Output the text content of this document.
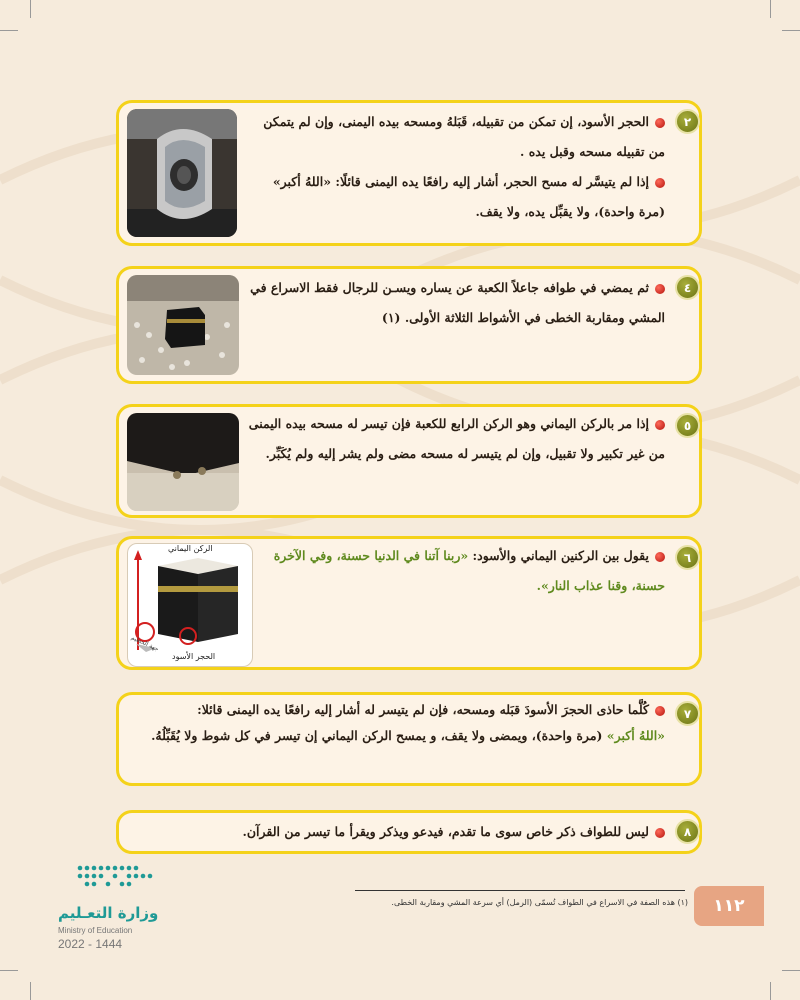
٢
الحجر الأسود، إن تمكن من تقبيله، قَبَلهُ ومسحه بيده اليمنى، وإن لم يتمكن من تقبيله مسحه وقبل يده .
إذا لم يتيسَّر له مسح الحجر، أشار إليه رافعًا يده اليمنى قائلًا: «اللهُ أكبر» (مرة واحدة)، ولا يقبِّل يده، ولا يقف.
٤
ثم يمضي في طوافه جاعلاً الكعبة عن يساره ويسـن للرجال فقط الاسراع في المشي ومقاربة الخطى في الأشواط الثلاثة الأولى. (١)
٥
إذا مر بالركن اليماني وهو الركن الرابع للكعبة فإن تيسر له مسحه بيده اليمنى من غير تكبير ولا تقبيل، وإن لم يتيسر له مسحه مضى ولم يشر إليه ولم يُكَبِّر.
٦
يقول بين الركنين اليماني والأسود: «ربنا آتنا في الدنيا حسنة، وفي الآخرة حسنة، وقنا عذاب النار».
الركن اليماني
الحجر الأسود
جهة الحطيم
٧
كُلَّما حاذى الحجرَ الأسودَ قبَله ومسحه، فإن لم يتيسر له أشار إليه رافعًا يده اليمنى قائلا:
«اللهُ أكبر» (مرة واحدة)، ويمضى ولا يقف، و يمسح الركن اليماني إن تيسر في كل شوط ولا يُقَبِّلُهُ.
٨
ليس للطواف ذكر خاص سوى ما تقدم، فيدعو ويذكر ويقرأ ما تيسر من القرآن.
(١) هذه الصفة في الاسراع في الطواف تُسمّى (الرمل) أي سرعة المشي ومقاربة الخطى.	١١٢
وزارة التعـليم
Ministry of Education
2022 - 1444
